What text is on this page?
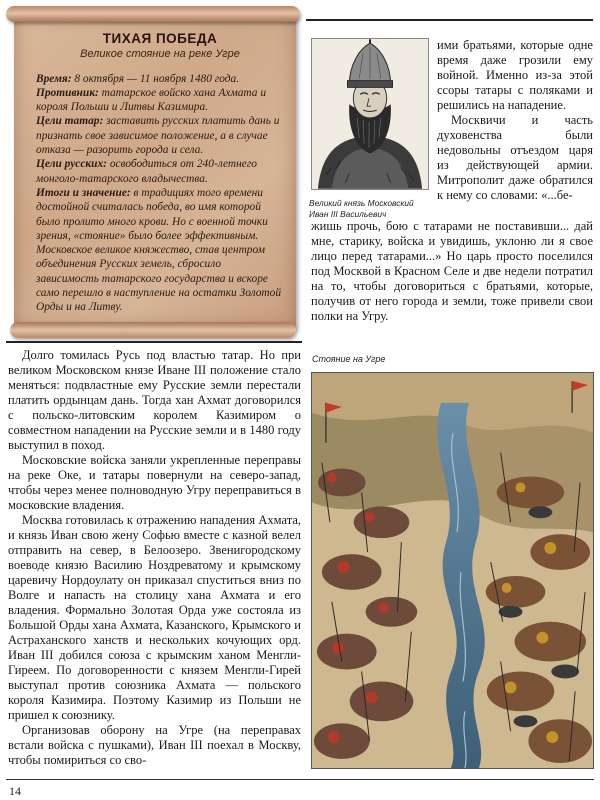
ТИХАЯ ПОБЕДА
Великое стояние на реке Угре
Время: 8 октября — 11 ноября 1480 года.
Противник: татарское войско хана Ахмата и короля Польши и Литвы Казимира.
Цели татар: заставить русских платить дань и признать свое зависимое положение, а в случае отказа — разорить города и села.
Цели русских: освободиться от 240-летнего монголо-татарского владычества.
Итоги и значение: в традициях того времени достойной считалась победа, во имя которой было пролито много крови. Но с военной точки зрения, «стояние» было более эффективным. Московское великое княжество, став центром объединения Русских земель, сбросило зависимость татарского государства и вскоре само перешло в наступление на остатки Золотой Орды и на Литву.
Великий князь Московский Иван III Васильевич

ими братьями, которые одне время даже грозили ему войной. Именно из-за этой ссоры татары с поляками и решились на нападение.

Москвичи и часть духовенства были недовольны отъездом царя из действующей армии. Митрополит даже обратился к нему со словами: «...бе-

жишь прочь, бою с татарами не поставивши... дай мне, старику, войска и увидишь, уклоню ли я свое лицо перед татарами...» Но царь просто поселился под Москвой в Красном Селе и две недели потратил на то, чтобы договориться с братьями, которые, получив от него города и земли, тоже привели свои полки на Угру.

Долго томилась Русь под властью татар. Но при великом Московском князе Иване III положение стало меняться: подвластные ему Русские земли перестали платить ордынцам дань. Тогда хан Ахмат договорился с польско-литовским королем Казимиром о совместном нападении на Русские земли и в 1480 году выступил в поход.

Московские войска заняли укрепленные переправы на реке Оке, и татары повернули на северо-запад, чтобы через менее полноводную Угру переправиться в московские владения.

Москва готовилась к отражению нападения Ахмата, и князь Иван свою жену Софью вместе с казной велел отправить на север, в Белоозеро. Звенигородскому воеводе князю Василию Ноздреватому и крымскому царевичу Нордоулату он приказал спуститься вниз по Волге и напасть на столицу хана Ахмата и его владения. Формально Золотая Орда уже состояла из Большой Орды хана Ахмата, Казанского, Крымского и Астраханского ханств и нескольких кочующих орд. Иван III добился союза с крымским ханом Менгли-Гиреем. По договоренности с князем Менгли-Гирей выступал против союзника Ахмата — польского короля Казимира. Поэтому Казимир из Польши не пришел к союзнику.

Организовав оборону на Угре (на переправах встали войска с пушками), Иван III поехал в Москву, чтобы помириться со сво-

Стояние на Угре
14
